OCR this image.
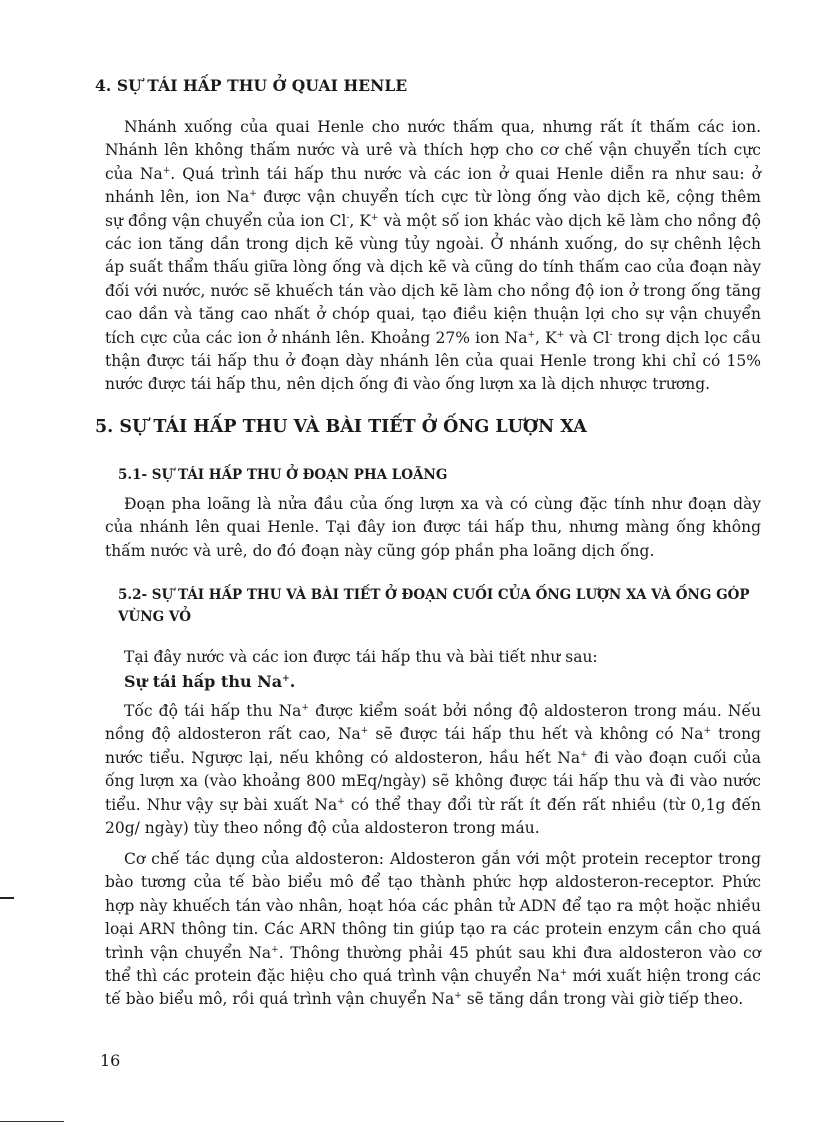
4. SỰ TÁI HẤP THU Ở QUAI HENLE
Nhánh xuống của quai Henle cho nước thấm qua, nhưng rất ít thấm các ion. Nhánh lên không thấm nước và urê và thích hợp cho cơ chế vận chuyển tích cực của Na+. Quá trình tái hấp thu nước và các ion ở quai Henle diễn ra như sau: ở nhánh lên, ion Na+ được vận chuyển tích cực từ lòng ống vào dịch kẽ, cộng thêm sự đồng vận chuyển của ion Cl-, K+ và một số ion khác vào dịch kẽ làm cho nồng độ các ion tăng dần trong dịch kẽ vùng tủy ngoài. Ở nhánh xuống, do sự chênh lệch áp suất thẩm thấu giữa lòng ống và dịch kẽ và cũng do tính thấm cao của đoạn này đối với nước, nước sẽ khuếch tán vào dịch kẽ làm cho nồng độ ion ở trong ống tăng cao dần và tăng cao nhất ở chóp quai, tạo điều kiện thuận lợi cho sự vận chuyển tích cực của các ion ở nhánh lên. Khoảng 27% ion Na+, K+ và Cl- trong dịch lọc cầu thận được tái hấp thu ở đoạn dày nhánh lên của quai Henle trong khi chỉ có 15% nước được tái hấp thu, nên dịch ống đi vào ống lượn xa là dịch nhược trương.
5. SỰ TÁI HẤP THU VÀ BÀI TIẾT Ở ỐNG LƯỢN XA
5.1- SỰ TÁI HẤP THU Ở ĐOẠN PHA LOÃNG
Đoạn pha loãng là nửa đầu của ống lượn xa và có cùng đặc tính như đoạn dày của nhánh lên quai Henle. Tại đây ion được tái hấp thu, nhưng màng ống không thấm nước và urê, do đó đoạn này cũng góp phần pha loãng dịch ống.
5.2- SỰ TÁI HẤP THU VÀ BÀI TIẾT Ở ĐOẠN CUỐI CỦA ỐNG LƯỢN XA VÀ ỐNG GÓP VÙNG VỎ
Tại đây nước và các ion được tái hấp thu và bài tiết như sau:
Sự tái hấp thu Na+.
Tốc độ tái hấp thu Na+ được kiểm soát bởi nồng độ aldosteron trong máu. Nếu nồng độ aldosteron rất cao, Na+ sẽ được tái hấp thu hết và không có Na+ trong nước tiểu. Ngược lại, nếu không có aldosteron, hầu hết Na+ đi vào đoạn cuối của ống lượn xa (vào khoảng 800 mEq/ngày) sẽ không được tái hấp thu và đi vào nước tiểu. Như vậy sự bài xuất Na+ có thể thay đổi từ rất ít đến rất nhiều (từ 0,1g đến 20g/ ngày) tùy theo nồng độ của aldosteron trong máu.
Cơ chế tác dụng của aldosteron: Aldosteron gắn với một protein receptor trong bào tương của tế bào biểu mô để tạo thành phức hợp aldosteron-receptor. Phức hợp này khuếch tán vào nhân, hoạt hóa các phân tử ADN để tạo ra một hoặc nhiều loại ARN thông tin. Các ARN thông tin giúp tạo ra các protein enzym cần cho quá trình vận chuyển Na+. Thông thường phải 45 phút sau khi đưa aldosteron vào cơ thể thì các protein đặc hiệu cho quá trình vận chuyển Na+ mới xuất hiện trong các tế bào biểu mô, rồi quá trình vận chuyển Na+ sẽ tăng dần trong vài giờ tiếp theo.
16
